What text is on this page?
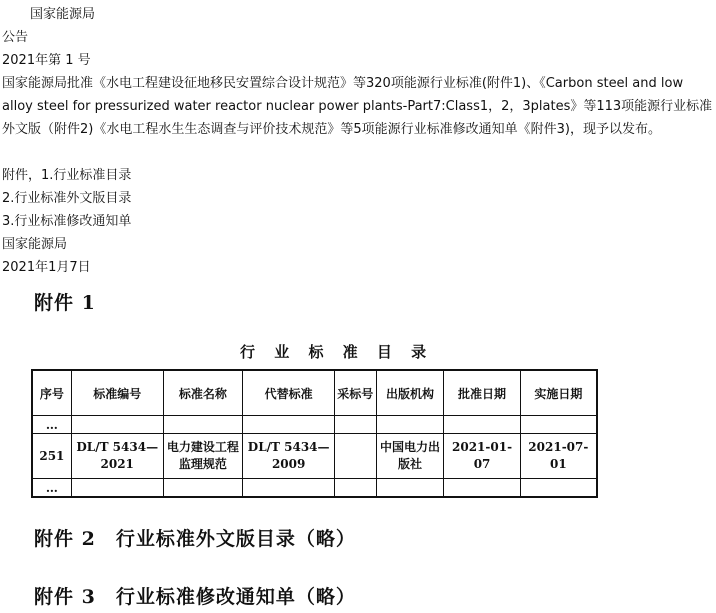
国家能源局
公告
2021年第 1 号
国家能源局批准《水电工程建设征地移民安置综合设计规范》等320项能源行业标准(附件1)、《Carbon steel and low alloy steel for pressurized water reactor nuclear power plants-Part7:Class1，2，3plates》等113项能源行业标准外文版（附件2)《水电工程水生生态调查与评价技术规范》等5项能源行业标准修改通知单《附件3)，现予以发布。
附件，1.行业标准目录
2.行业标准外文版目录
3.行业标准修改通知单
国家能源局
2021年1月7日
附件 1
行 业 标 准 目 录
序号	标准编号	标准名称	代替标准	采标号	出版机构	批准日期	实施日期
…							
251	DL/T 5434—2021	电力建设工程监理规范	DL/T 5434—2009		中国电力出版社	2021-01-07	2021-07-01
…							
附件 2　行业标准外文版目录（略）
附件 3　行业标准修改通知单（略）
